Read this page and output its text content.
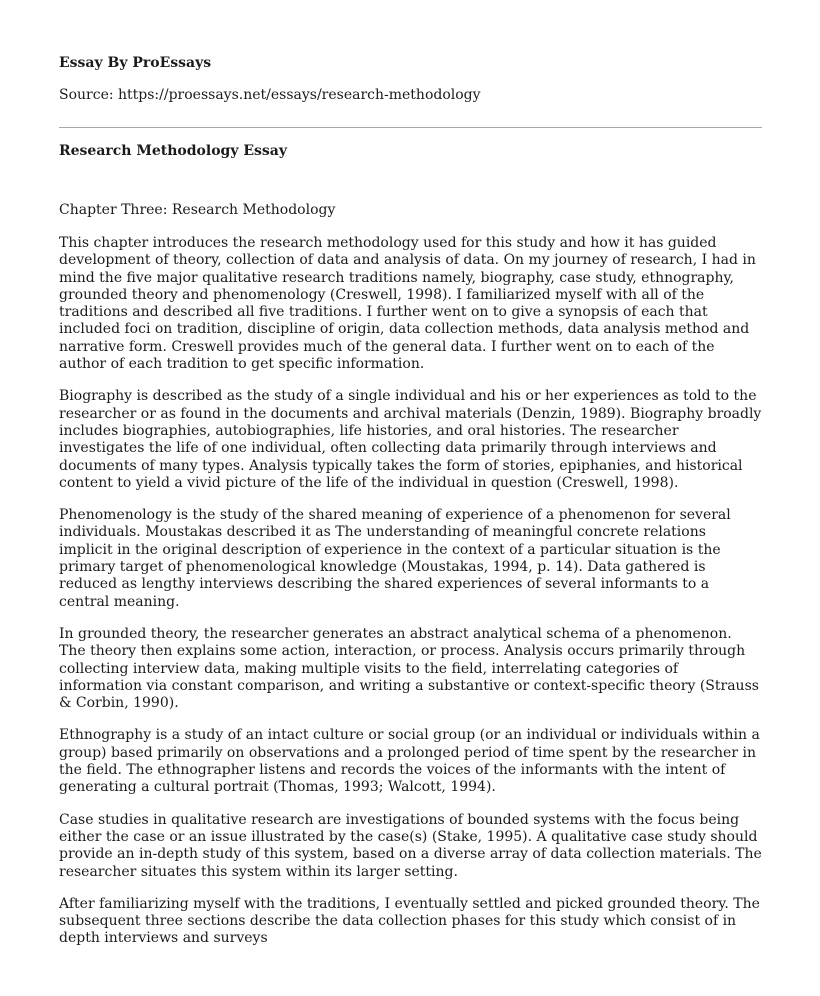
Essay By ProEssays
Source: https://proessays.net/essays/research-methodology
Research Methodology Essay

Chapter Three: Research Methodology

This chapter introduces the research methodology used for this study and how it has guided development of theory, collection of data and analysis of data. On my journey of research, I had in mind the five major qualitative research traditions namely, biography, case study, ethnography, grounded theory and phenomenology (Creswell, 1998). I familiarized myself with all of the traditions and described all five traditions. I further went on to give a synopsis of each that included foci on tradition, discipline of origin, data collection methods, data analysis method and narrative form. Creswell provides much of the general data. I further went on to each of the author of each tradition to get specific information.

Biography is described as the study of a single individual and his or her experiences as told to the researcher or as found in the documents and archival materials (Denzin, 1989). Biography broadly includes biographies, autobiographies, life histories, and oral histories. The researcher investigates the life of one individual, often collecting data primarily through interviews and documents of many types. Analysis typically takes the form of stories, epiphanies, and historical content to yield a vivid picture of the life of the individual in question (Creswell, 1998).

Phenomenology is the study of the shared meaning of experience of a phenomenon for several individuals. Moustakas described it as The understanding of meaningful concrete relations implicit in the original description of experience in the context of a particular situation is the primary target of phenomenological knowledge (Moustakas, 1994, p. 14). Data gathered is reduced as lengthy interviews describing the shared experiences of several informants to a central meaning.

In grounded theory, the researcher generates an abstract analytical schema of a phenomenon. The theory then explains some action, interaction, or process. Analysis occurs primarily through collecting interview data, making multiple visits to the field, interrelating categories of information via constant comparison, and writing a substantive or context-specific theory (Strauss & Corbin, 1990).

Ethnography is a study of an intact culture or social group (or an individual or individuals within a group) based primarily on observations and a prolonged period of time spent by the researcher in the field. The ethnographer listens and records the voices of the informants with the intent of generating a cultural portrait (Thomas, 1993; Walcott, 1994).

Case studies in qualitative research are investigations of bounded systems with the focus being either the case or an issue illustrated by the case(s) (Stake, 1995). A qualitative case study should provide an in-depth study of this system, based on a diverse array of data collection materials. The researcher situates this system within its larger setting.

After familiarizing myself with the traditions, I eventually settled and picked grounded theory. The subsequent three sections describe the data collection phases for this study which consist of in depth interviews and surveys
